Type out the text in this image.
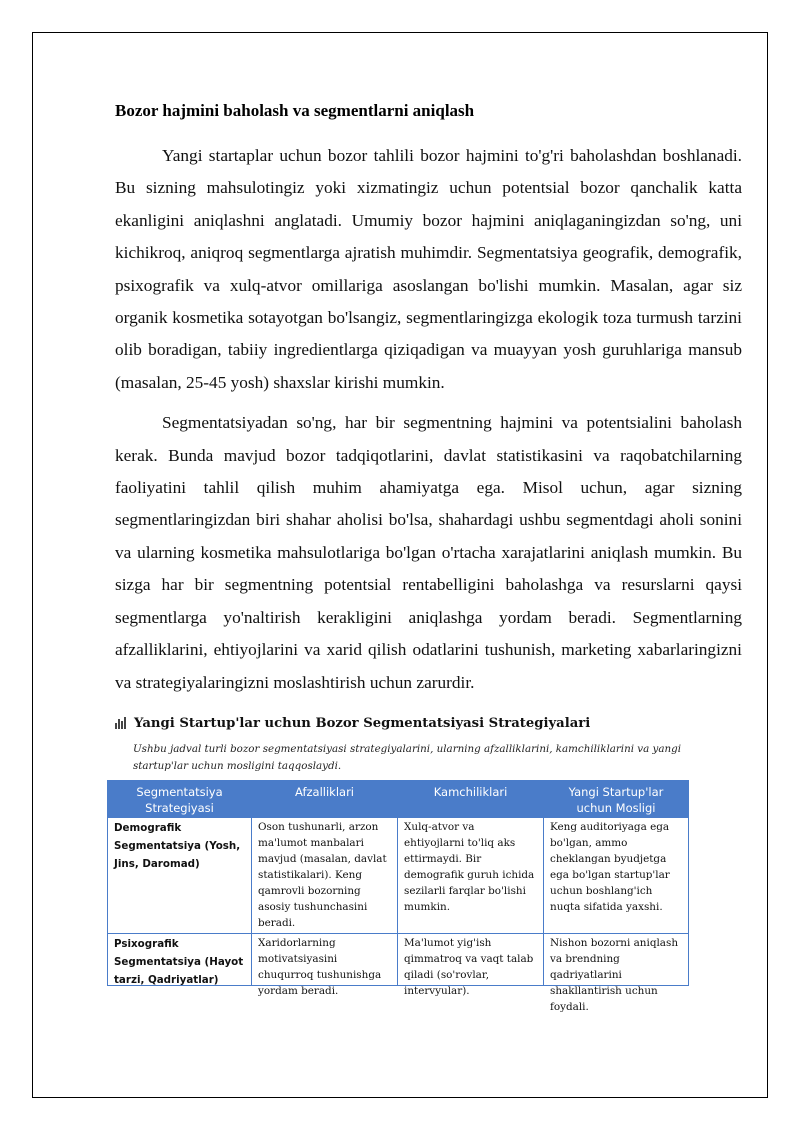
Bozor hajmini baholash va segmentlarni aniqlash

Yangi startaplar uchun bozor tahlili bozor hajmini to'g'ri baholashdan boshlanadi. Bu sizning mahsulotingiz yoki xizmatingiz uchun potentsial bozor qanchalik katta ekanligini aniqlashni anglatadi. Umumiy bozor hajmini aniqlaganingizdan so'ng, uni kichikroq, aniqroq segmentlarga ajratish muhimdir. Segmentatsiya geografik, demografik, psixografik va xulq-atvor omillariga asoslangan bo'lishi mumkin. Masalan, agar siz organik kosmetika sotayotgan bo'lsangiz, segmentlaringizga ekologik toza turmush tarzini olib boradigan, tabiiy ingredientlarga qiziqadigan va muayyan yosh guruhlariga mansub (masalan, 25-45 yosh) shaxslar kirishi mumkin.

Segmentatsiyadan so'ng, har bir segmentning hajmini va potentsialini baholash kerak. Bunda mavjud bozor tadqiqotlarini, davlat statistikasini va raqobatchilarning faoliyatini tahlil qilish muhim ahamiyatga ega. Misol uchun, agar sizning segmentlaringizdan biri shahar aholisi bo'lsa, shahardagi ushbu segmentdagi aholi sonini va ularning kosmetika mahsulotlariga bo'lgan o'rtacha xarajatlarini aniqlash mumkin. Bu sizga har bir segmentning potentsial rentabelligini baholashga va resurslarni qaysi segmentlarga yo'naltirish kerakligini aniqlashga yordam beradi. Segmentlarning afzalliklarini, ehtiyojlarini va xarid qilish odatlarini tushunish, marketing xabarlaringizni va strategiyalaringizni moslashtirish uchun zarurdir.

Yangi Startup'lar uchun Bozor Segmentatsiyasi Strategiyalari
Ushbu jadval turli bozor segmentatsiyasi strategiyalarini, ularning afzalliklarini, kamchiliklarini va yangi startup'lar uchun mosligini taqqoslaydi.
Segmentatsiya Strategiyasi	Afzalliklari	Kamchiliklari	Yangi Startup'lar uchun Mosligi
Demografik Segmentatsiya (Yosh, Jins, Daromad)	Oson tushunarli, arzon ma'lumot manbalari mavjud (masalan, davlat statistikalari). Keng qamrovli bozorning asosiy tushunchasini beradi.	Xulq-atvor va ehtiyojlarni to'liq aks ettirmaydi. Bir demografik guruh ichida sezilarli farqlar bo'lishi mumkin.	Keng auditoriyaga ega bo'lgan, ammo cheklangan byudjetga ega bo'lgan startup'lar uchun boshlang'ich nuqta sifatida yaxshi.

Psixografik Segmentatsiya (Hayot tarzi, Qadriyatlar)	Xaridorlarning motivatsiyasini chuqurroq tushunishga yordam beradi.	Ma'lumot yig'ish qimmatroq va vaqt talab qiladi (so'rovlar, intervyular).	Nishon bozorni aniqlash va brendning qadriyatlarini shakllantirish uchun foydali.
